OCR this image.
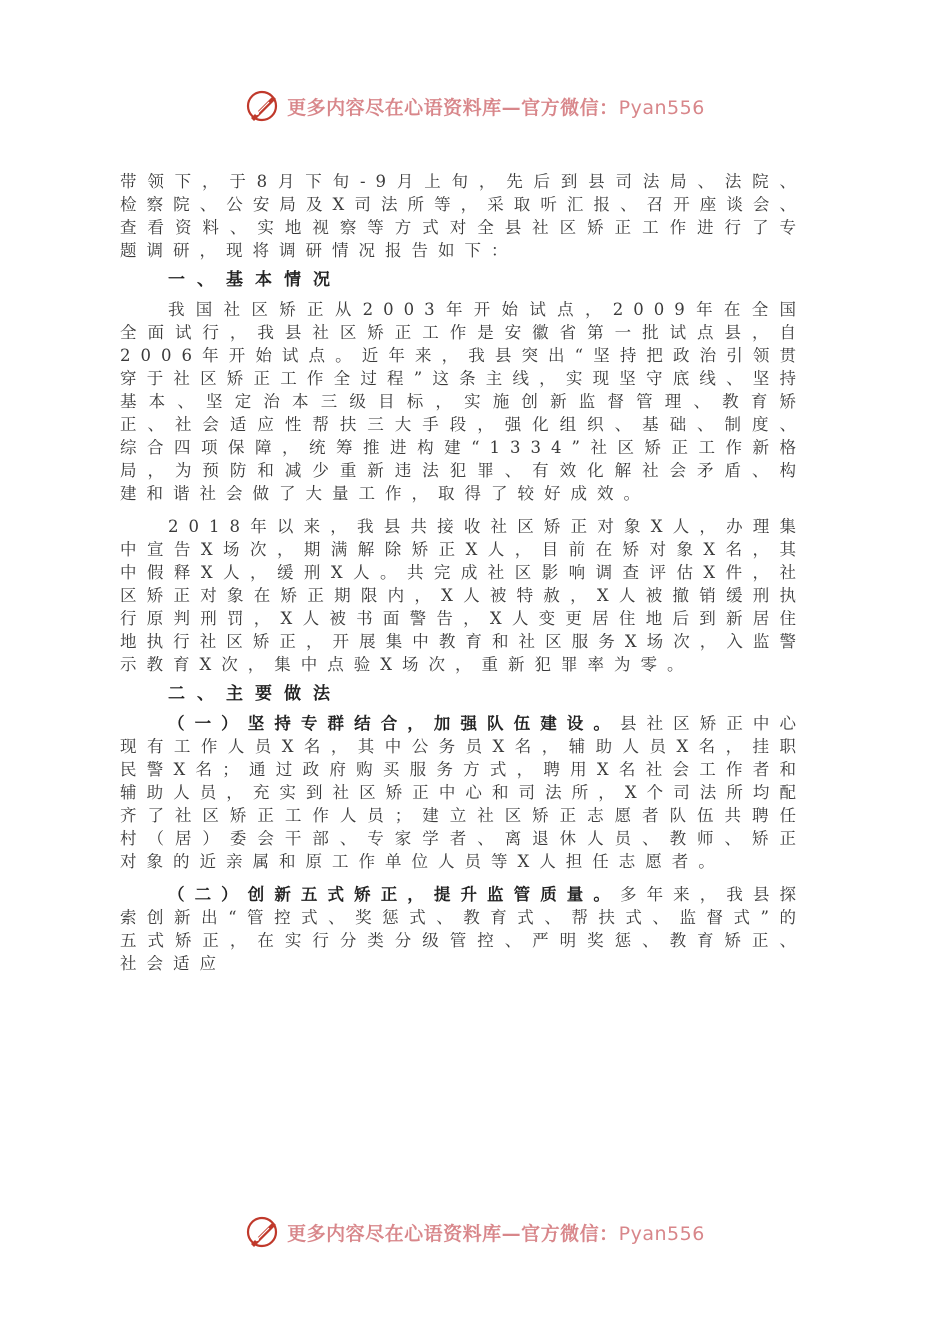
更多内容尽在心语资料库—官方微信：Pyan556

带领下，于8月下旬-9月上旬，先后到县司法局、法院、检察院、公安局及X司法所等，采取听汇报、召开座谈会、查看资料、实地视察等方式对全县社区矫正工作进行了专题调研，现将调研情况报告如下：

一、基本情况

我国社区矫正从2003年开始试点，2009年在全国全面试行，我县社区矫正工作是安徽省第一批试点县，自2006年开始试点。近年来，我县突出“坚持把政治引领贯穿于社区矫正工作全过程”这条主线，实现坚守底线、坚持基本、坚定治本三级目标，实施创新监督管理、教育矫正、社会适应性帮扶三大手段，强化组织、基础、制度、综合四项保障，统筹推进构建“1334”社区矫正工作新格局，为预防和减少重新违法犯罪、有效化解社会矛盾、构建和谐社会做了大量工作，取得了较好成效。

2018年以来，我县共接收社区矫正对象X人，办理集中宣告X场次，期满解除矫正X人，目前在矫对象X名，其中假释X人，缓刑X人。共完成社区影响调查评估X件，社区矫正对象在矫正期限内，X人被特赦，X人被撤销缓刑执行原判刑罚，X人被书面警告，X人变更居住地后到新居住地执行社区矫正，开展集中教育和社区服务X场次，入监警示教育X次，集中点验X场次，重新犯罪率为零。

二、主要做法

（一）坚持专群结合，加强队伍建设。县社区矫正中心现有工作人员X名，其中公务员X名，辅助人员X名，挂职民警X名；通过政府购买服务方式，聘用X名社会工作者和辅助人员，充实到社区矫正中心和司法所，X个司法所均配齐了社区矫正工作人员；建立社区矫正志愿者队伍共聘任村（居）委会干部、专家学者、离退休人员、教师、矫正对象的近亲属和原工作单位人员等X人担任志愿者。

（二）创新五式矫正，提升监管质量。多年来，我县探索创新出“管控式、奖惩式、教育式、帮扶式、监督式”的五式矫正，在实行分类分级管控、严明奖惩、教育矫正、社会适应

更多内容尽在心语资料库—官方微信：Pyan556
